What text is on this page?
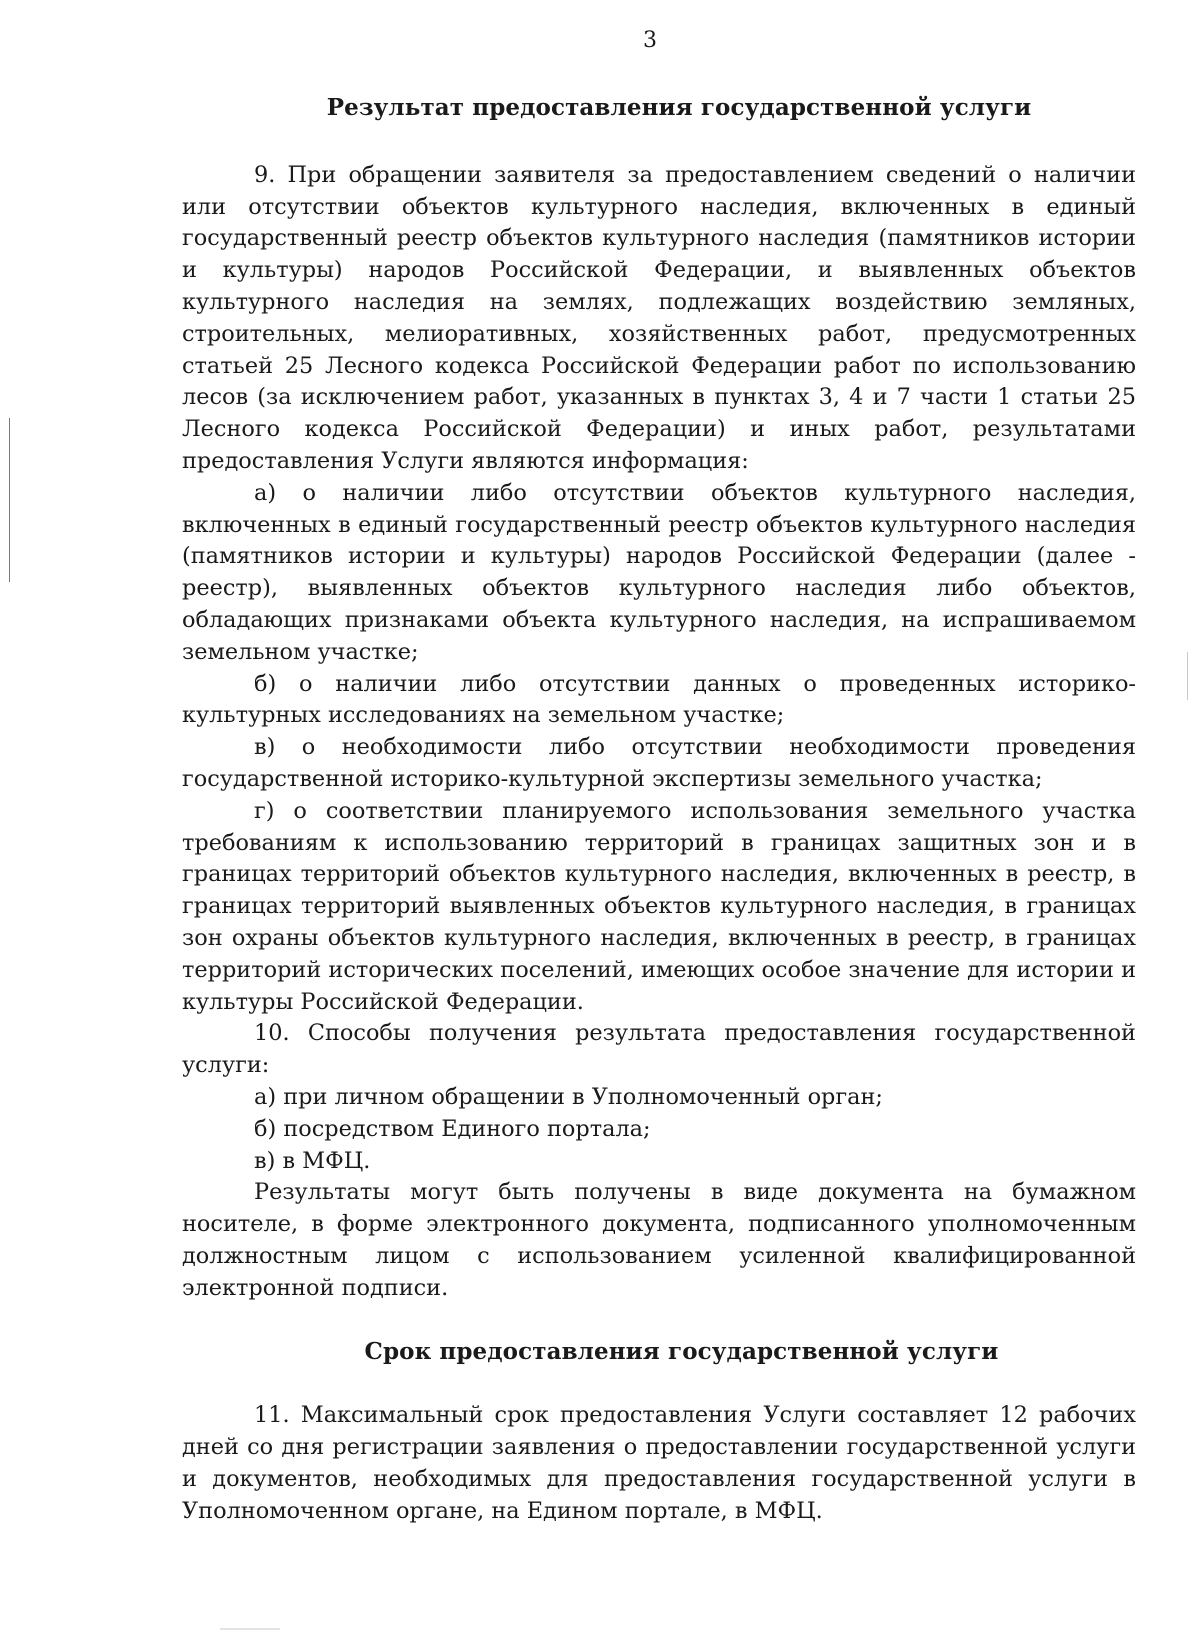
3
Результат предоставления государственной услуги

9. При обращении заявителя за предоставлением сведений о наличии или отсутствии объектов культурного наследия, включенных в единый государственный реестр объектов культурного наследия (памятников истории и культуры) народов Российской Федерации, и выявленных объектов культурного наследия на землях, подлежащих воздействию земляных, строительных, мелиоративных, хозяйственных работ, предусмотренных статьей 25 Лесного кодекса Российской Федерации работ по использованию лесов (за исключением работ, указанных в пунктах 3, 4 и 7 части 1 статьи 25 Лесного кодекса Российской Федерации) и иных работ, результатами предоставления Услуги являются информация:

а) о наличии либо отсутствии объектов культурного наследия, включенных в единый государственный реестр объектов культурного наследия (памятников истории и культуры) народов Российской Федерации (далее - реестр), выявленных объектов культурного наследия либо объектов, обладающих признаками объекта культурного наследия, на испрашиваемом земельном участке;

б) о наличии либо отсутствии данных о проведенных историко-культурных исследованиях на земельном участке;

в) о необходимости либо отсутствии необходимости проведения государственной историко-культурной экспертизы земельного участка;

г) о соответствии планируемого использования земельного участка требованиям к использованию территорий в границах защитных зон и в границах территорий объектов культурного наследия, включенных в реестр, в границах территорий выявленных объектов культурного наследия, в границах зон охраны объектов культурного наследия, включенных в реестр, в границах территорий исторических поселений, имеющих особое значение для истории и культуры Российской Федерации.

10. Способы получения результата предоставления государственной услуги:

а) при личном обращении в Уполномоченный орган;

б) посредством Единого портала;

в) в МФЦ.

Результаты могут быть получены в виде документа на бумажном носителе, в форме электронного документа, подписанного уполномоченным должностным лицом с использованием усиленной квалифицированной электронной подписи.

Срок предоставления государственной услуги

11. Максимальный срок предоставления Услуги составляет 12 рабочих дней со дня регистрации заявления о предоставлении государственной услуги и документов, необходимых для предоставления государственной услуги в Уполномоченном органе, на Едином портале, в МФЦ.
